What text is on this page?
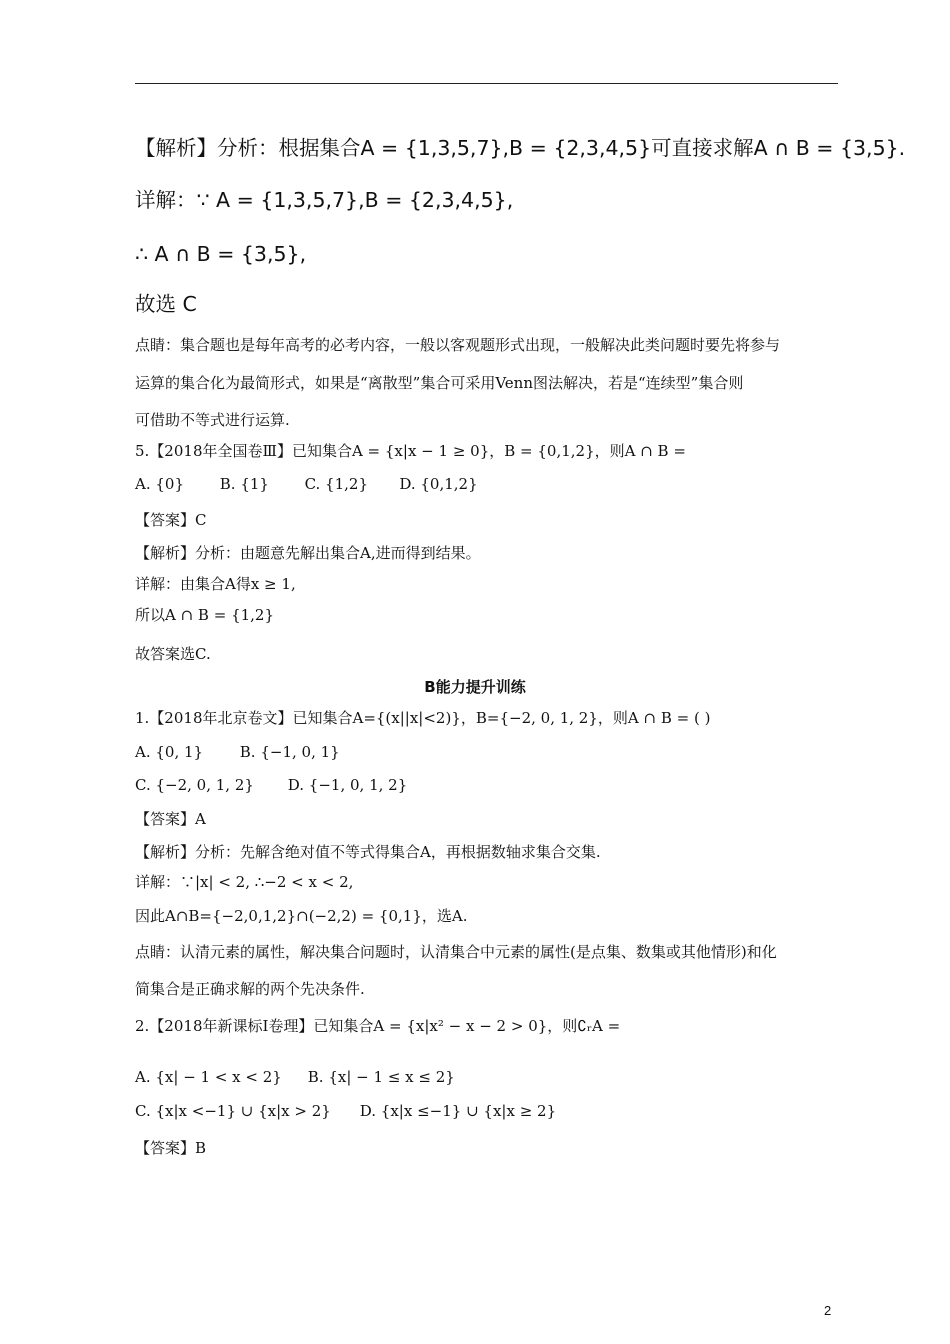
【解析】分析：根据集合A = {1,3,5,7},B = {2,3,4,5}可直接求解A ∩ B = {3,5}.
详解：∵ A = {1,3,5,7},B = {2,3,4,5},
∴ A ∩ B = {3,5},
故选 C
点睛：集合题也是每年高考的必考内容，一般以客观题形式出现，一般解决此类问题时要先将参与
运算的集合化为最简形式，如果是“离散型”集合可采用Venn图法解决，若是“连续型”集合则
可借助不等式进行运算.
5.【2018年全国卷Ⅲ】已知集合A = {x|x − 1 ≥ 0}，B = {0,1,2}，则A ∩ B =
A. {0} B. {1} C. {1,2} D. {0,1,2}
【答案】C
【解析】分析：由题意先解出集合A,进而得到结果。
详解：由集合A得x ≥ 1,
所以A ∩ B = {1,2}
故答案选C.
B能力提升训练
1.【2018年北京卷文】已知集合A={(x||x|<2)}，B={−2, 0, 1, 2}，则A ∩ B = ( )
A. {0, 1} B. {−1, 0, 1}
C. {−2, 0, 1, 2} D. {−1, 0, 1, 2}
【答案】A
【解析】分析：先解含绝对值不等式得集合A，再根据数轴求集合交集.
详解：∵|x| < 2, ∴−2 < x < 2,
因此A∩B={−2,0,1,2}∩(−2,2) = {0,1}，选A.
点睛：认清元素的属性，解决集合问题时，认清集合中元素的属性(是点集、数集或其他情形)和化
简集合是正确求解的两个先决条件.
2.【2018年新课标I卷理】已知集合A = {x|x² − x − 2 > 0}，则∁ᵣA =
A. {x| − 1 < x < 2} B. {x| − 1 ≤ x ≤ 2}
C. {x|x <−1} ∪ {x|x > 2} D. {x|x ≤−1} ∪ {x|x ≥ 2}
【答案】B
2
